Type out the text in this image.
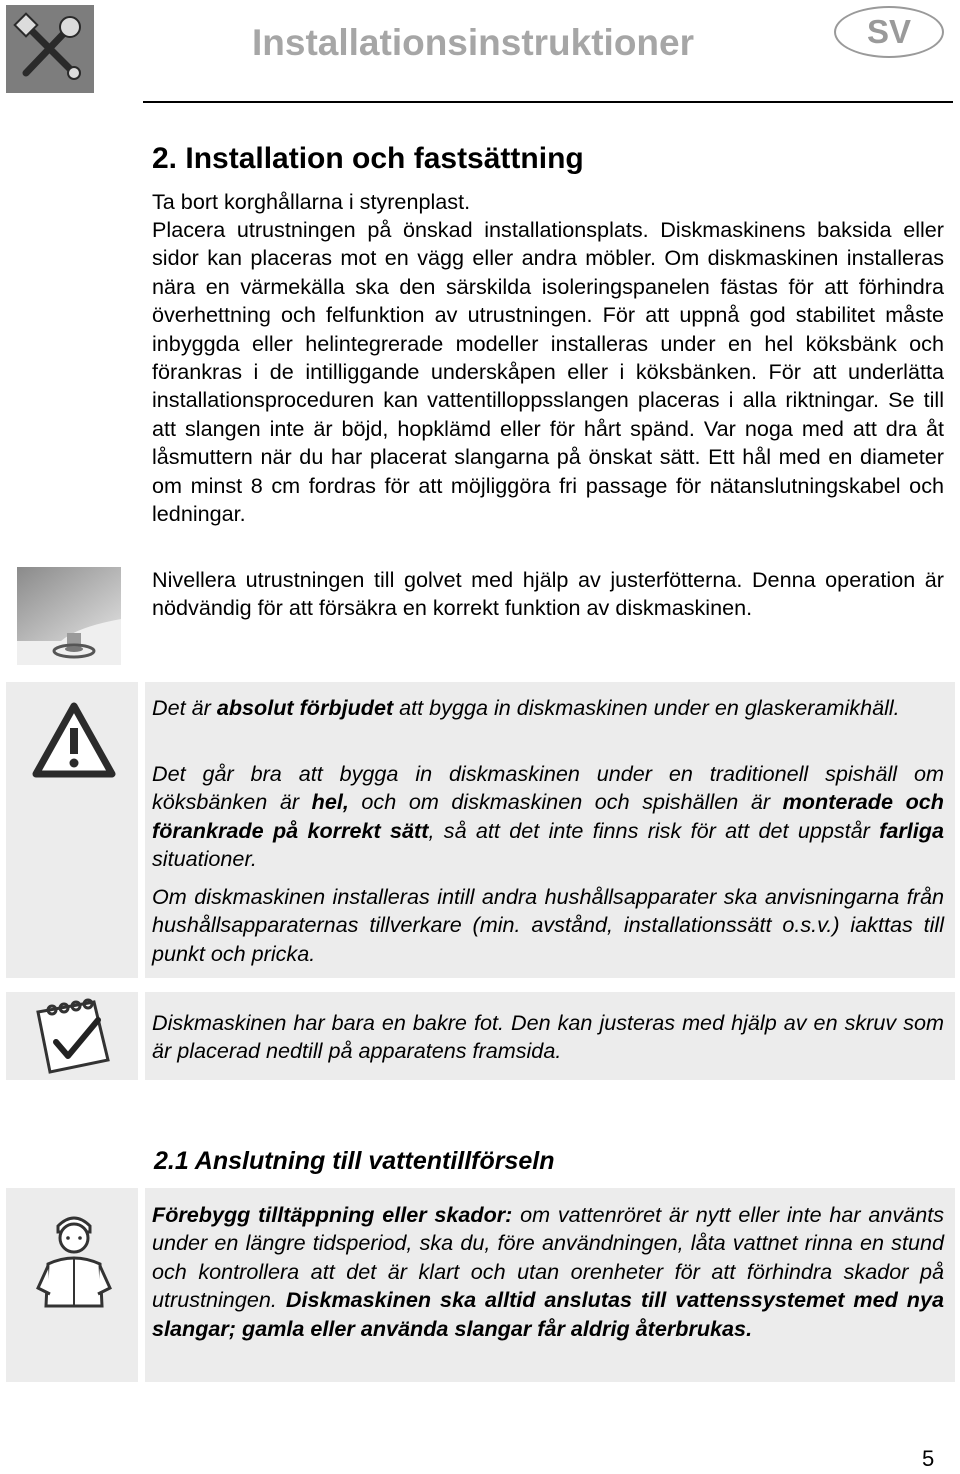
Installationsinstruktioner	SV
2. Installation och fastsättning
Ta bort korghållarna i styrenplast.
Placera utrustningen på önskad installationsplats. Diskmaskinens baksida eller sidor kan placeras mot en vägg eller andra möbler. Om diskmaskinen installeras nära en värmekälla ska den särskilda isoleringspanelen fästas för att förhindra överhettning och felfunktion av utrustningen. För att uppnå god stabilitet måste inbyggda eller helintegrerade modeller installeras under en hel köksbänk och förankras i de intilliggande underskåpen eller i köksbänken. För att underlätta installationsproceduren kan vattentilloppsslangen placeras i alla riktningar. Se till att slangen inte är böjd, hopklämd eller för hårt spänd. Var noga med att dra åt låsmuttern när du har placerat slangarna på önskat sätt. Ett hål med en diameter om minst 8 cm fordras för att möjliggöra fri passage för nätanslutningskabel och ledningar.
Nivellera utrustningen till golvet med hjälp av justerfötterna. Denna operation är nödvändig för att försäkra en korrekt funktion av diskmaskinen.
Det är absolut förbjudet att bygga in diskmaskinen under en glaskeramikhäll.
Det går bra att bygga in diskmaskinen under en traditionell spishäll om köksbänken är hel, och om diskmaskinen och spishällen är monterade och förankrade på korrekt sätt, så att det inte finns risk för att det uppstår farliga situationer.
Om diskmaskinen installeras intill andra hushållsapparater ska anvisningarna från hushållsapparaternas tillverkare (min. avstånd, installationssätt o.s.v.) iakttas till punkt och pricka.
Diskmaskinen har bara en bakre fot. Den kan justeras med hjälp av en skruv som är placerad nedtill på apparatens framsida.
2.1 Anslutning till vattentillförseln
Förebygg tilltäppning eller skador: om vattenröret är nytt eller inte har använts under en längre tidsperiod, ska du, före användningen, låta vattnet rinna en stund och kontrollera att det är klart och utan orenheter för att förhindra skador på utrustningen. Diskmaskinen ska alltid anslutas till vattenssystemet med nya slangar; gamla eller använda slangar får aldrig återbrukas.
5
